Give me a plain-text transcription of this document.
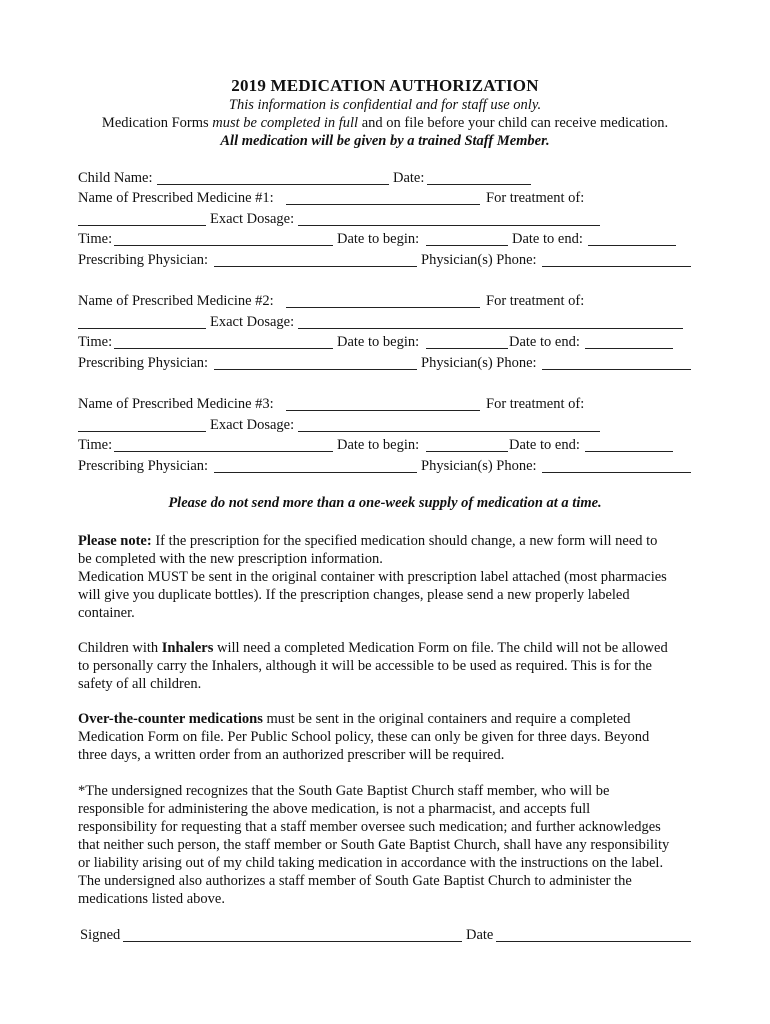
2019 MEDICATION AUTHORIZATION
This information is confidential and for staff use only.
Medication Forms must be completed in full and on file before your child can receive medication.
All medication will be given by a trained Staff Member.
Child Name:	Date:
Name of Prescribed Medicine #1:	For treatment of:
Exact Dosage:
Time:	Date to begin:	Date to end:
Prescribing Physician:	Physician(s) Phone:
Name of Prescribed Medicine #2:	For treatment of:
Exact Dosage:
Time:	Date to begin:	Date to end:
Prescribing Physician:	Physician(s) Phone:
Name of Prescribed Medicine #3:	For treatment of:
Exact Dosage:
Time:	Date to begin:	Date to end:
Prescribing Physician:	Physician(s) Phone:
Please do not send more than a one-week supply of medication at a time.

Please note: If the prescription for the specified medication should change, a new form will need to

be completed with the new prescription information.

Medication MUST be sent in the original container with prescription label attached (most pharmacies

will give you duplicate bottles). If the prescription changes, please send a new properly labeled

container.

Children with Inhalers will need a completed Medication Form on file. The child will not be allowed

to personally carry the Inhalers, although it will be accessible to be used as required. This is for the

safety of all children.

Over-the-counter medications must be sent in the original containers and require a completed

Medication Form on file. Per Public School policy, these can only be given for three days. Beyond

three days, a written order from an authorized prescriber will be required.

*The undersigned recognizes that the South Gate Baptist Church staff member, who will be

responsible for administering the above medication, is not a pharmacist, and accepts full

responsibility for requesting that a staff member oversee such medication; and further acknowledges

that neither such person, the staff member or South Gate Baptist Church, shall have any responsibility

or liability arising out of my child taking medication in accordance with the instructions on the label.

The undersigned also authorizes a staff member of South Gate Baptist Church to administer the

medications listed above.

Signed	Date
